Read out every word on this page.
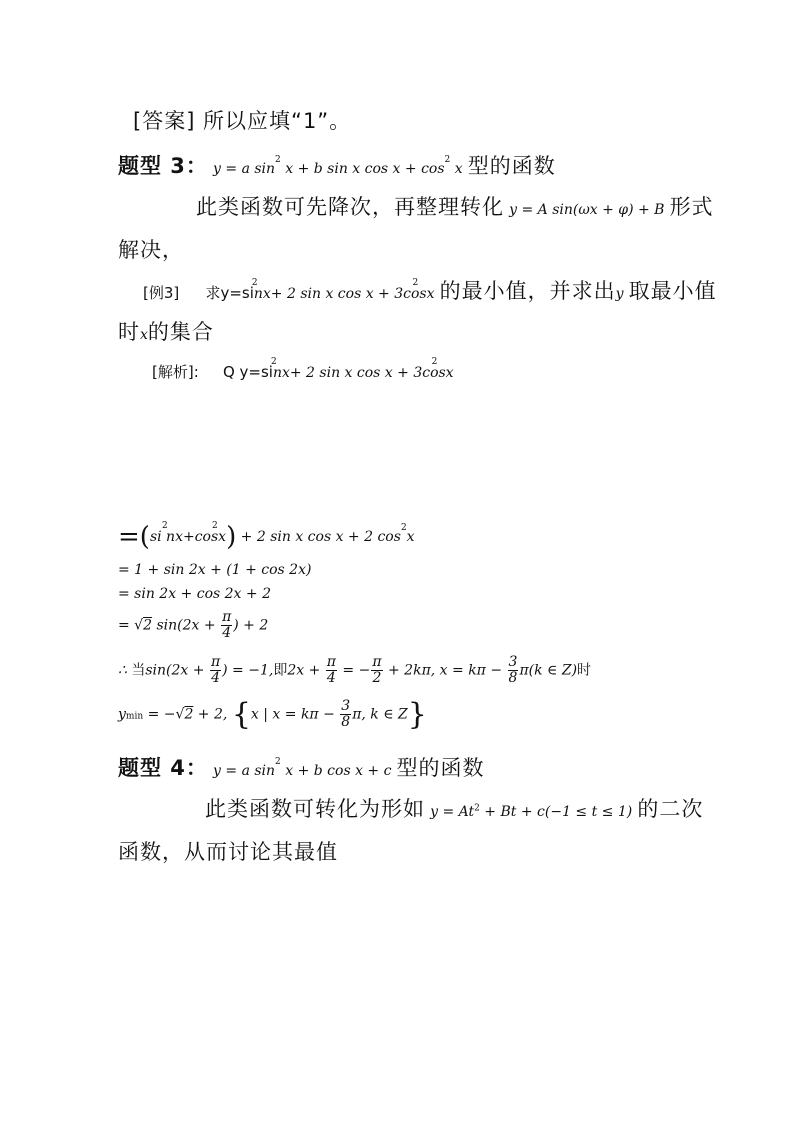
[答案] 所以应填“1”。
题型 3： y = a $\sin^2 x + b$ sin x $\cos x + \cos^2 x$ 型的函数
此类函数可先降次，再整理转化 y = A sin(ωx + φ) + B 形式
解决，
[例3] 求y=si
2
nx+ 2 sin x cos x + 3cosx
2 的最小值，并求出y 取最小值
时x的集合
[解析]: Q y=si
2
nx+ 2 sin x cos x + 3cosx
2
=(si
2
nx+cos
2
x) + 2 sin x cos x + 2 $\cos^2x$
= 1 + sin 2x + (1 + cos 2x)
= sin 2x + cos 2x + 2
= √2 $\sin(2x + \frac{\pi}{4}$ ) + 2
∴ 当$\sin(2x + \frac{\pi}{4}$ ) = −1,即$2x + \frac{\pi}{4}$ = − $\frac{\pi}{2} + 2k\pi$, $x = k\pi - \frac{3}{8} \pi(k$ ∈ Z)时
ymin = −√2 + 2, {x | $x = k\pi - \frac{3}{8} \pi$, k ∈ Z}
题型 4： y = a $\sin^2 x + b$ cos x + c 型的函数
此类函数可转化为形如 $y = At^2 + Bt + c(-1 \le t \le 1)$ 的二次
函数，从而讨论其最值
